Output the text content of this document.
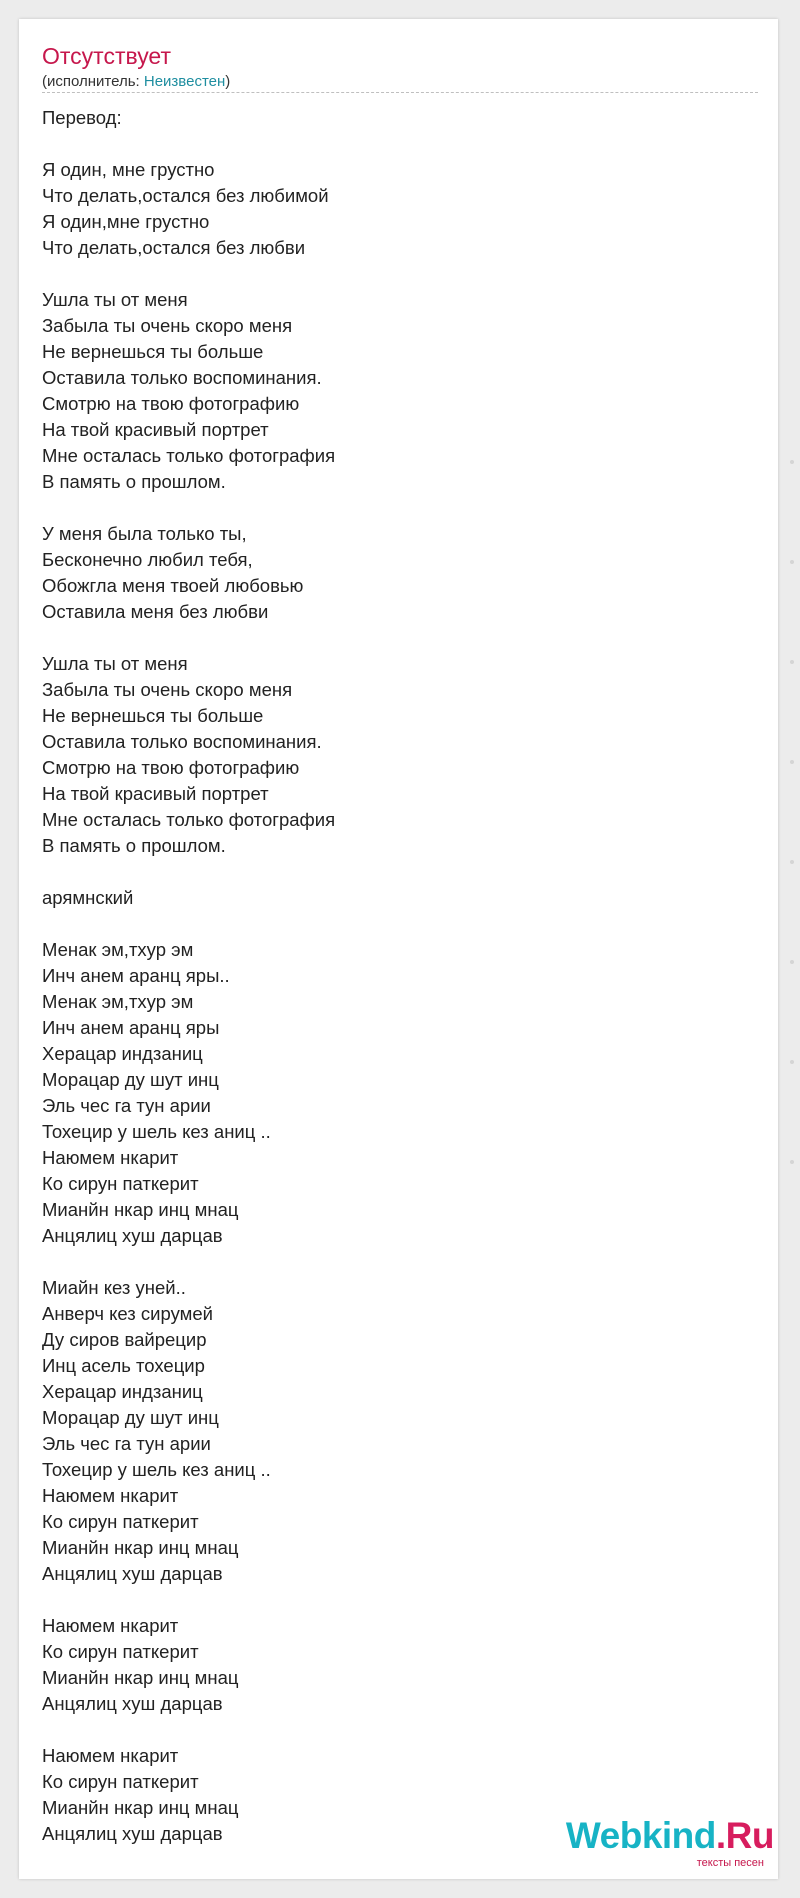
Отсутствует
(исполнитель: Неизвестен)
Перевод:
Я один, мне грустно
Что делать,остался без любимой
Я один,мне грустно
Что делать,остался без любви
Ушла ты от меня
Забыла ты очень скоро меня
Не вернешься ты больше
Оставила только воспоминания.
Смотрю на твою фотографию
На твой красивый портрет
Мне осталась только фотография
В память о прошлом.
У меня была только ты,
Бесконечно любил тебя,
Обожгла меня твоей любовью
Оставила меня без любви
Ушла ты от меня
Забыла ты очень скоро меня
Не вернешься ты больше
Оставила только воспоминания.
Смотрю на твою фотографию
На твой красивый портрет
Мне осталась только фотография
В память о прошлом.
арямнский
Менак эм,тхур эм
Инч анем аранц яры..
Менак эм,тхур эм
Инч анем аранц яры
Херацар индзаниц
Морацар ду шут инц
Эль чес га тун арии
Тохецир у шель кез аниц ..
Наюмем нкарит
Ко сирун паткерит
Мианйн нкар инц мнац
Анцялиц хуш дарцав
Миайн кез уней..
Анверч кез сирумей
Ду сиров вайрецир
Инц асель тохецир
Херацар индзаниц
Морацар ду шут инц
Эль чес га тун арии
Тохецир у шель кез аниц ..
Наюмем нкарит
Ко сирун паткерит
Мианйн нкар инц мнац
Анцялиц хуш дарцав
Наюмем нкарит
Ко сирун паткерит
Мианйн нкар инц мнац
Анцялиц хуш дарцав
Наюмем нкарит
Ко сирун паткерит
Мианйн нкар инц мнац
Анцялиц хуш дарцав	Webkind.Ru
тексты песен
